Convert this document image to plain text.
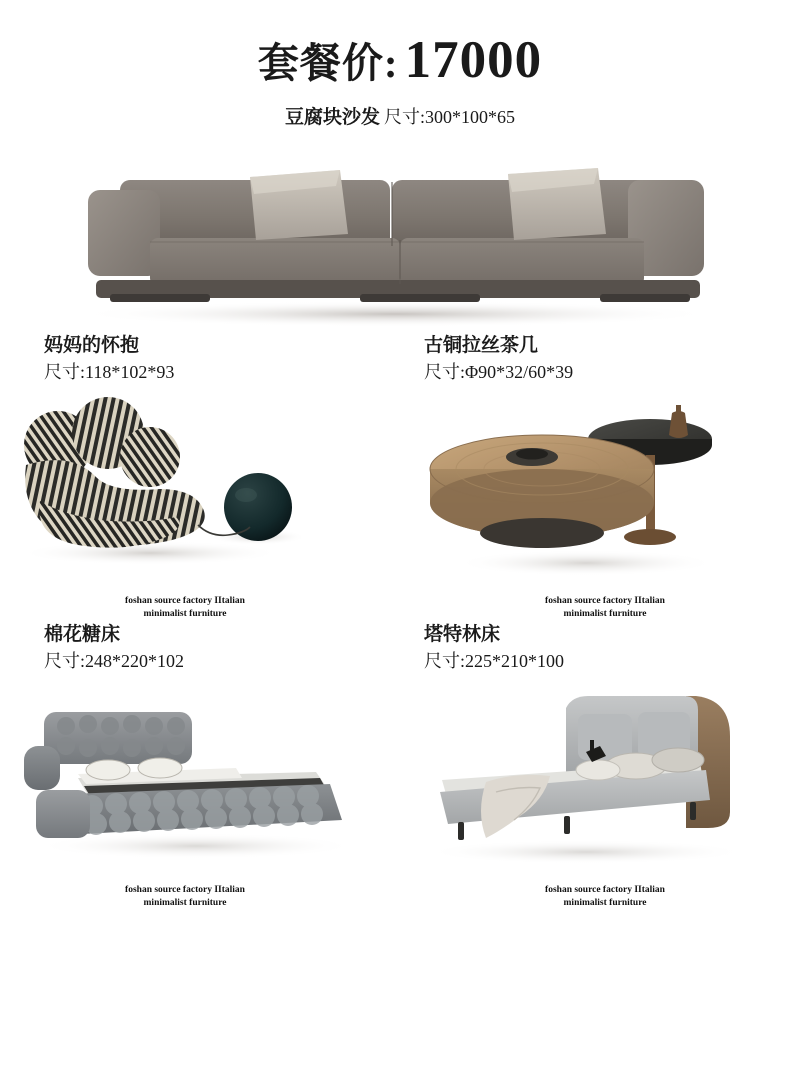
套餐价: 17000
豆腐块沙发 尺寸:300*100*65
妈妈的怀抱
尺寸:118*102*93
foshan source factory IItalian
minimalist furniture
古铜拉丝茶几
尺寸:Φ90*32/60*39
foshan source factory IItalian
minimalist furniture
棉花糖床
尺寸:248*220*102
foshan source factory IItalian
minimalist furniture
塔特林床
尺寸:225*210*100
foshan source factory IItalian
minimalist furniture
